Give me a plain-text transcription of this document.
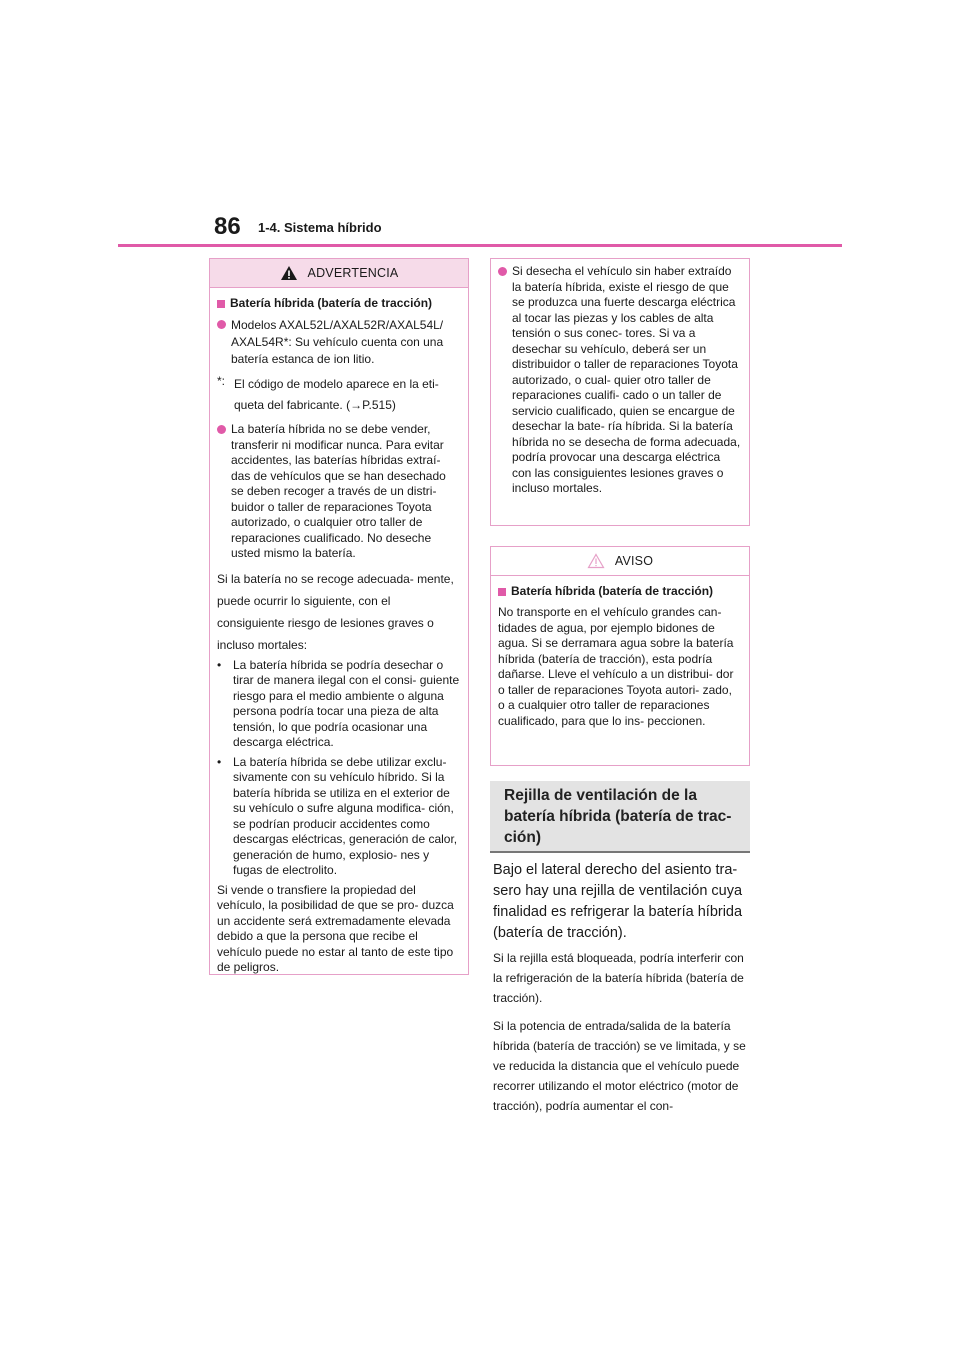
86 1-4. Sistema híbrido
ADVERTENCIA
Batería híbrida (batería de tracción)

Modelos AXAL52L/AXAL52R/AXAL54L/ AXAL54R*: Su vehículo cuenta con una batería estanca de ion litio.

*: El código de modelo aparece en la eti- queta del fabricante. (→P.515)

La batería híbrida no se debe vender, transferir ni modificar nunca. Para evitar accidentes, las baterías híbridas extraí- das de vehículos que se han desechado se deben recoger a través de un distri- buidor o taller de reparaciones Toyota autorizado, o cualquier otro taller de reparaciones cualificado. No deseche usted mismo la batería.

Si la batería no se recoge adecuada- mente, puede ocurrir lo siguiente, con el consiguiente riesgo de lesiones graves o incluso mortales:

• La batería híbrida se podría desechar o tirar de manera ilegal con el consi- guiente riesgo para el medio ambiente o alguna persona podría tocar una pieza de alta tensión, lo que podría ocasionar una descarga eléctrica.

• La batería híbrida se debe utilizar exclu- sivamente con su vehículo híbrido. Si la batería híbrida se utiliza en el exterior de su vehículo o sufre alguna modifica- ción, se podrían producir accidentes como descargas eléctricas, generación de calor, generación de humo, explosio- nes y fugas de electrolito.

Si vende o transfiere la propiedad del vehículo, la posibilidad de que se pro- duzca un accidente será extremadamente elevada debido a que la persona que recibe el vehículo puede no estar al tanto de este tipo de peligros.

Si desecha el vehículo sin haber extraído la batería híbrida, existe el riesgo de que se produzca una fuerte descarga eléctrica al tocar las piezas y los cables de alta tensión o sus conec- tores. Si va a desechar su vehículo, deberá ser un distribuidor o taller de reparaciones Toyota autorizado, o cual- quier otro taller de reparaciones cualifi- cado o un taller de servicio cualificado, quien se encargue de desechar la bate- ría híbrida. Si la batería híbrida no se desecha de forma adecuada, podría provocar una descarga eléctrica con las consiguientes lesiones graves o incluso mortales.

AVISO
Batería híbrida (batería de tracción)

No transporte en el vehículo grandes can- tidades de agua, por ejemplo bidones de agua. Si se derramara agua sobre la batería híbrida (batería de tracción), esta podría dañarse. Lleve el vehículo a un distribui- dor o taller de reparaciones Toyota autori- zado, o a cualquier otro taller de reparaciones cualificado, para que lo ins- peccionen.

Rejilla de ventilación de la batería híbrida (batería de trac- ción)

Bajo el lateral derecho del asiento tra- sero hay una rejilla de ventilación cuya finalidad es refrigerar la batería híbrida (batería de tracción).

Si la rejilla está bloqueada, podría interferir con la refrigeración de la batería híbrida (batería de tracción).

Si la potencia de entrada/salida de la batería híbrida (batería de tracción) se ve limitada, y se ve reducida la distancia que el vehículo puede recorrer utilizando el motor eléctrico (motor de tracción), podría aumentar el con-
